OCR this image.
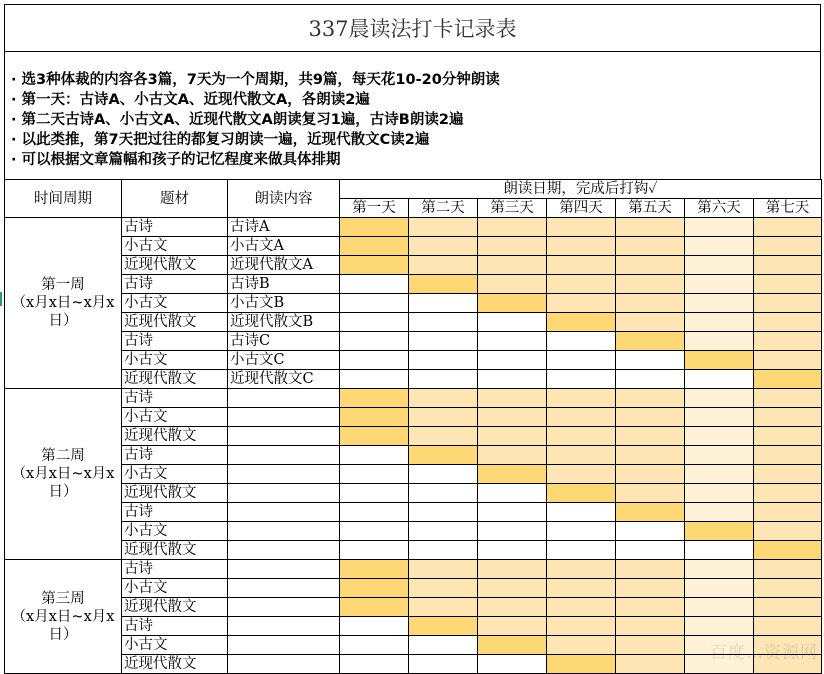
337晨读法打卡记录表
· 选3种体裁的内容各3篇，7天为一个周期，共9篇，每天花10-20分钟朗读
· 第一天：古诗A、小古文A、近现代散文A，各朗读2遍
· 第二天古诗A、小古文A、近现代散文A朗读复习1遍，古诗B朗读2遍
· 以此类推，第7天把过往的都复习朗读一遍，近现代散文C读2遍
· 可以根据文章篇幅和孩子的记忆程度来做具体排期
时间周期	题材	朗读内容	朗读日期，完成后打钩✓						
			第一天	第二天	第三天	第四天	第五天	第六天	第七天

第一周
（x月x日~x月x日）	古诗	古诗A							
	小古文	小古文A							
	近现代散文	近现代散文A							
	古诗	古诗B							
	小古文	小古文B							
	近现代散文	近现代散文B							
	古诗	古诗C							
	小古文	小古文C							
	近现代散文	近现代散文C							

第二周
（x月x日~x月x日）	古诗								
	小古文								
	近现代散文								
	古诗								
	小古文								
	近现代散文								
	古诗								
	小古文								
	近现代散文								

第三周
（x月x日~x月x日）	古诗								
	小古文								
	近现代散文								
	古诗								
	小古文								
	近现代散文								
百度…资源网
